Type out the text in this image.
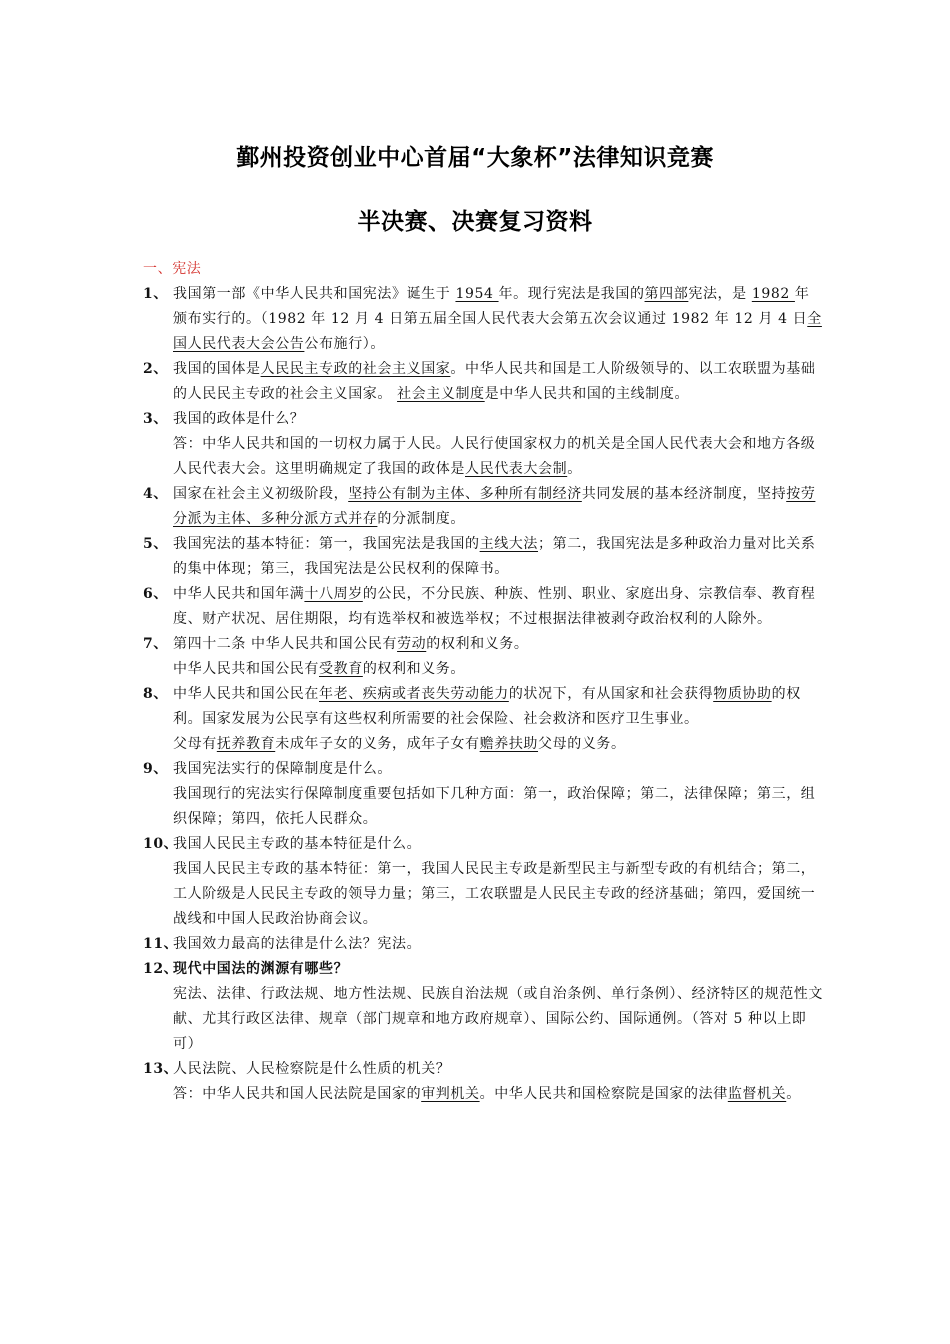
鄞州投资创业中心首届“大象杯”法律知识竞赛
半决赛、决赛复习资料
一、宪法
1、 我国第一部《中华人民共和国宪法》诞生于 1954 年。现行宪法是我国的第四部宪法，是 1982 年颁布实行的。（1982 年 12 月 4 日第五届全国人民代表大会第五次会议通过 1982 年 12 月 4 日全国人民代表大会公告公布施行）。

2、 我国的国体是人民民主专政的社会主义国家。中华人民共和国是工人阶级领导的、以工农联盟为基础的人民民主专政的社会主义国家。 社会主义制度是中华人民共和国的主线制度。

3、 我国的政体是什么？

答：中华人民共和国的一切权力属于人民。人民行使国家权力的机关是全国人民代表大会和地方各级人民代表大会。这里明确规定了我国的政体是人民代表大会制。

4、 国家在社会主义初级阶段，坚持公有制为主体、多种所有制经济共同发展的基本经济制度，坚持按劳分派为主体、多种分派方式并存的分派制度。

5、 我国宪法的基本特征：第一，我国宪法是我国的主线大法；第二，我国宪法是多种政治力量对比关系的集中体现；第三，我国宪法是公民权利的保障书。

6、 中华人民共和国年满十八周岁的公民，不分民族、种族、性别、职业、家庭出身、宗教信奉、教育程度、财产状况、居住期限，均有选举权和被选举权；不过根据法律被剥夺政治权利的人除外。

7、 第四十二条 中华人民共和国公民有劳动的权利和义务。

中华人民共和国公民有受教育的权利和义务。

8、 中华人民共和国公民在年老、疾病或者丧失劳动能力的状况下，有从国家和社会获得物质协助的权利。国家发展为公民享有这些权利所需要的社会保险、社会救济和医疗卫生事业。

父母有抚养教育未成年子女的义务，成年子女有赡养扶助父母的义务。

9、 我国宪法实行的保障制度是什么。

我国现行的宪法实行保障制度重要包括如下几种方面：第一，政治保障；第二，法律保障；第三，组织保障；第四，依托人民群众。

10、

我国人民民主专政的基本特征是什么。

我国人民民主专政的基本特征：第一，我国人民民主专政是新型民主与新型专政的有机结合；第二，工人阶级是人民民主专政的领导力量；第三，工农联盟是人民民主专政的经济基础；第四，爱国统一战线和中国人民政治协商会议。

11、

我国效力最高的法律是什么法？宪法。

12、

现代中国法的渊源有哪些？

宪法、法律、行政法规、地方性法规、民族自治法规（或自治条例、单行条例）、经济特区的规范性文献、尤其行政区法律、规章（部门规章和地方政府规章）、国际公约、国际通例。（答对 5 种以上即可）

13、

人民法院、人民检察院是什么性质的机关？

答：中华人民共和国人民法院是国家的审判机关。中华人民共和国检察院是国家的法律监督机关。
